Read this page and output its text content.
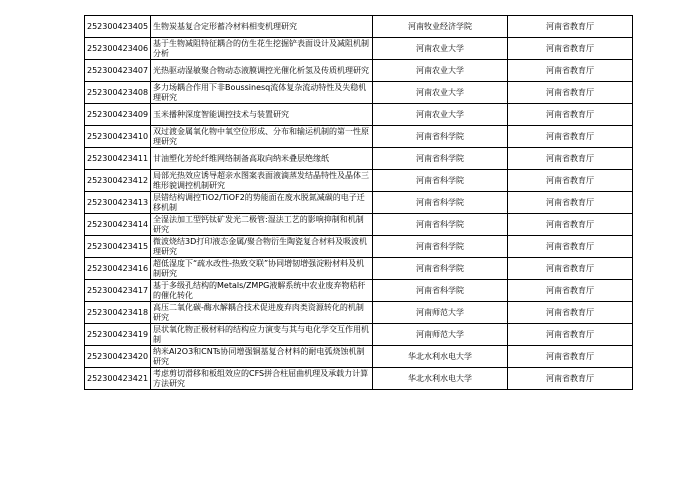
252300423405	生物炭基复合定形蓄冷材料相变机理研究	河南牧业经济学院	河南省教育厅
252300423406	基于生物减阻特征耦合的仿生花生挖掘铲表面设计及减阻机制分析	河南农业大学	河南省教育厅
252300423407	光热驱动湿敏聚合物动态液膜调控光催化析氢及传质机理研究	河南农业大学	河南省教育厅
252300423408	多力场耦合作用下非Boussinesq流体复杂流动特性及失稳机理研究	河南农业大学	河南省教育厅
252300423409	玉米播种深度智能调控技术与装置研究	河南农业大学	河南省教育厅
252300423410	双过渡金属氧化物中氧空位形成、分布和输运机制的第一性原理研究	河南省科学院	河南省教育厅
252300423411	甘油塑化芳纶纤维网络制备高取向纳米叠层绝缘纸	河南省科学院	河南省教育厅
252300423412	局部光热效应诱导超亲水图案表面液滴蒸发结晶特性及晶体三维形貌调控机制研究	河南省科学院	河南省教育厅
252300423413	层错结构调控TiO2/TiOF2的势能面在废水脱氮减碳的电子迁移机制	河南省科学院	河南省教育厅
252300423414	全湿法加工型钙钛矿发光二极管:湿法工艺的影响抑制和机制研究	河南省科学院	河南省教育厅
252300423415	微波烧结3D打印液态金属/聚合物衍生陶瓷复合材料及吸波机理研究	河南省科学院	河南省教育厅
252300423416	超低湿度下“疏水改性-热致交联”协同增韧增强淀粉材料及机制研究	河南省科学院	河南省教育厅
252300423417	基于多级孔结构的Metals/ZMPG液解系统中农业废弃物秸秆的催化转化	河南省科学院	河南省教育厅
252300423418	高压二氧化碳-酶水解耦合技术促进废弃肉类资源转化的机制研究	河南师范大学	河南省教育厅
252300423419	层状氧化物正极材料的结构应力演变与其与电化学交互作用机制	河南师范大学	河南省教育厅
252300423420	纳米Al2O3和CNTs协同增强铜基复合材料的耐电弧烧蚀机制研究	华北水利水电大学	河南省教育厅
252300423421	考虑剪切滑移和板组效应的CFS拼合柱屈曲机理及承载力计算方法研究	华北水利水电大学	河南省教育厅
